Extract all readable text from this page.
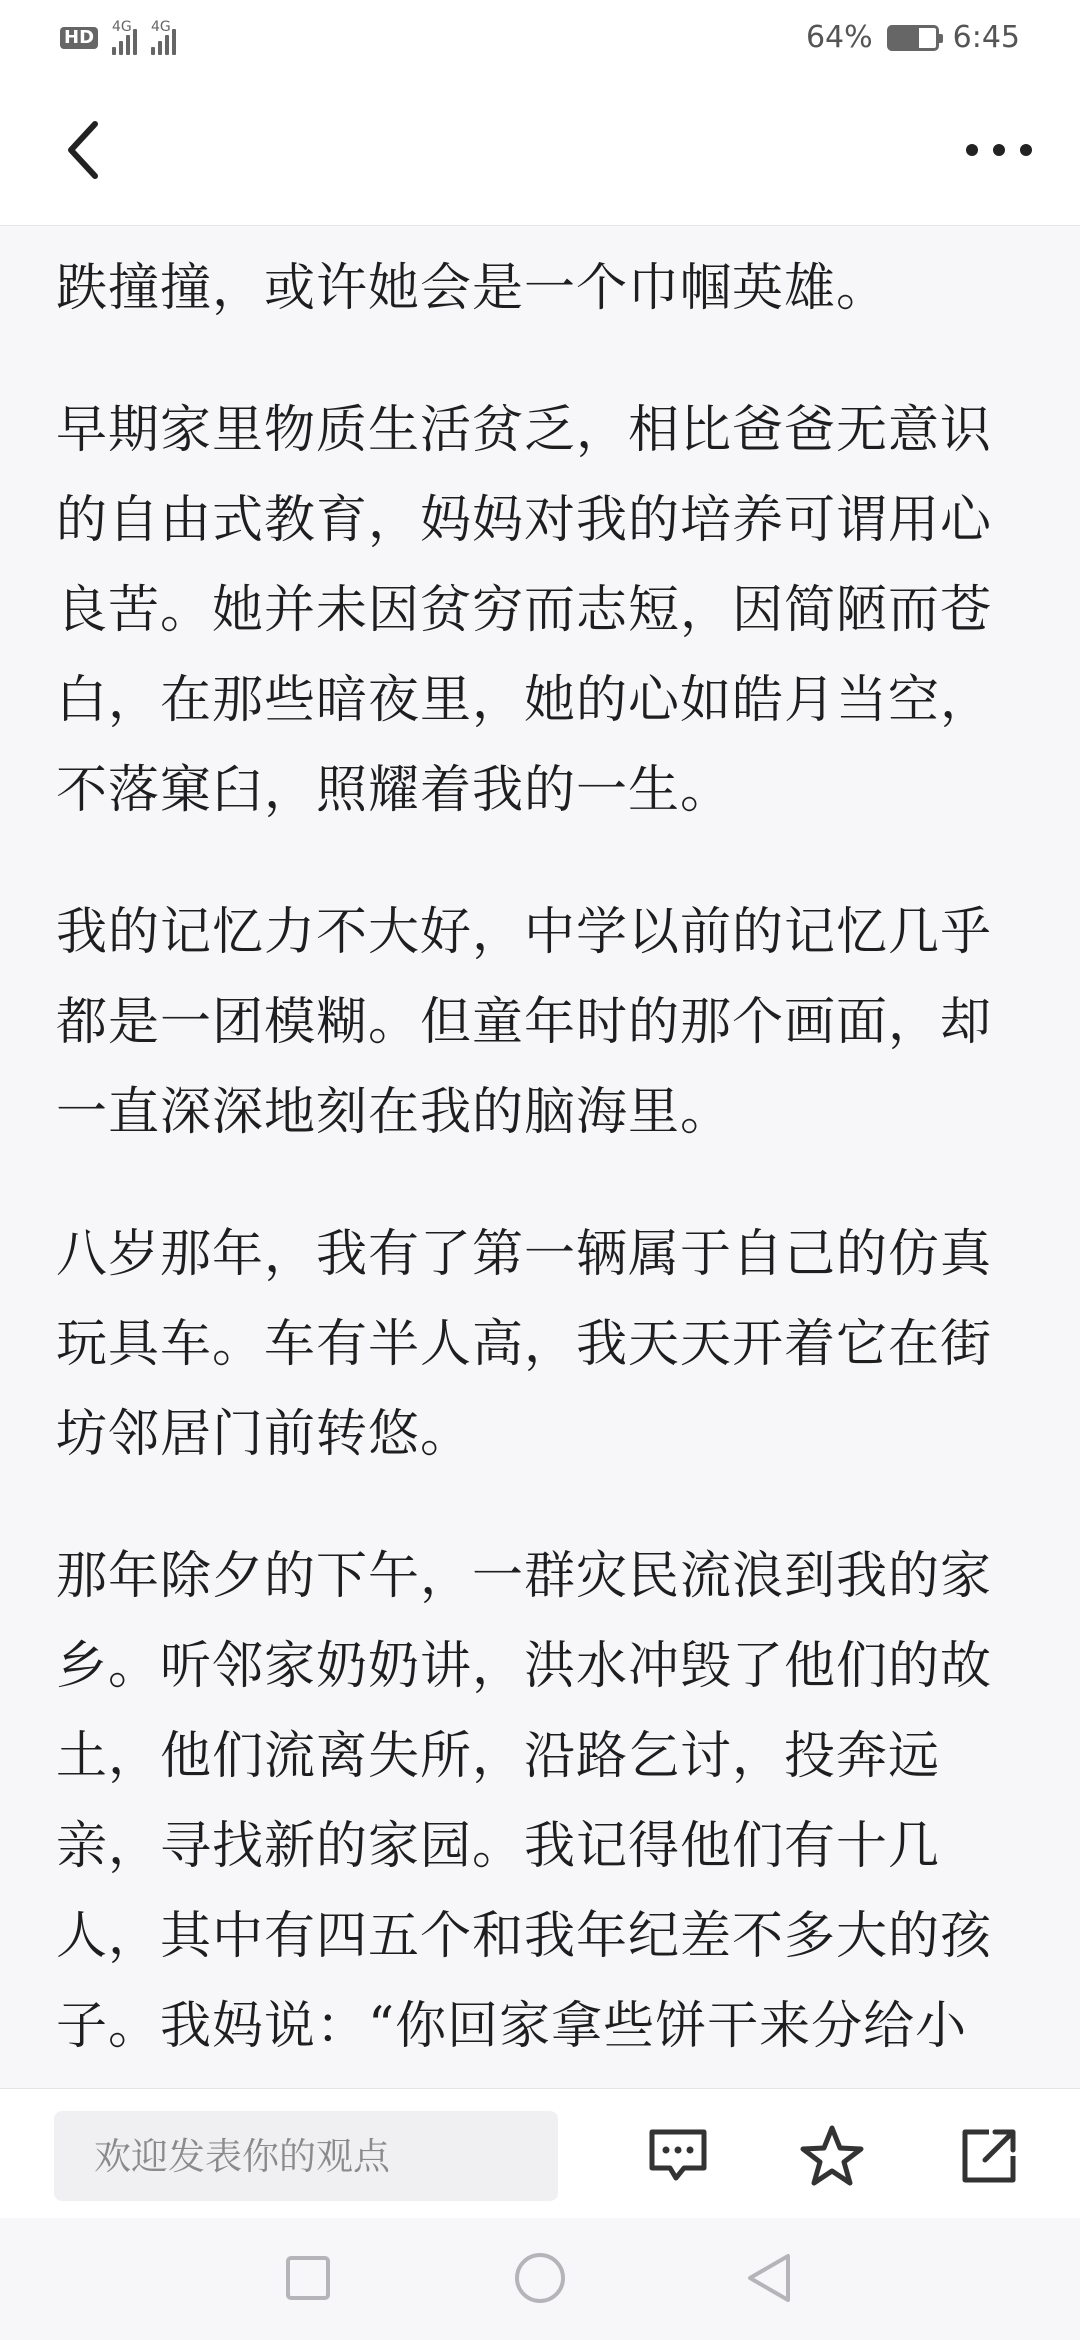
HD 4G 4G	64%	6:45

跌撞撞，或许她会是一个巾帼英雄。

早期家里物质生活贫乏，相比爸爸无意识的自由式教育，妈妈对我的培养可谓用心良苦。她并未因贫穷而志短，因简陋而苍白，在那些暗夜里，她的心如皓月当空，不落窠臼，照耀着我的一生。

我的记忆力不大好，中学以前的记忆几乎都是一团模糊。但童年时的那个画面，却一直深深地刻在我的脑海里。

八岁那年，我有了第一辆属于自己的仿真玩具车。车有半人高，我天天开着它在街坊邻居门前转悠。

那年除夕的下午，一群灾民流浪到我的家乡。听邻家奶奶讲，洪水冲毁了他们的故土，他们流离失所，沿路乞讨，投奔远亲，寻找新的家园。我记得他们有十几人，其中有四五个和我年纪差不多大的孩子。我妈说：“你回家拿些饼干来分给小

欢迎发表你的观点
